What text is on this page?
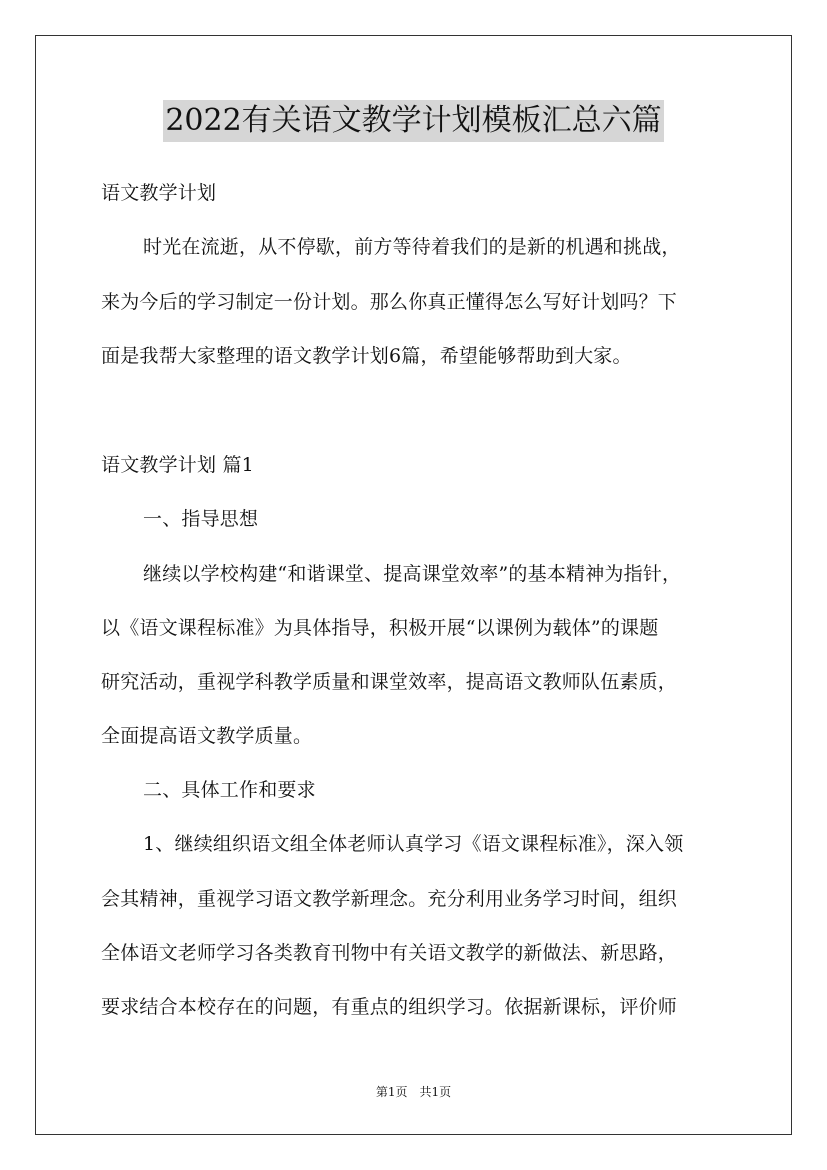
2022有关语文教学计划模板汇总六篇
语文教学计划
时光在流逝，从不停歇，前方等待着我们的是新的机遇和挑战，
来为今后的学习制定一份计划。那么你真正懂得怎么写好计划吗？下
面是我帮大家整理的语文教学计划6篇，希望能够帮助到大家。
语文教学计划 篇1
一、指导思想
继续以学校构建“和谐课堂、提高课堂效率”的基本精神为指针，
以《语文课程标准》为具体指导，积极开展“以课例为载体”的课题
研究活动，重视学科教学质量和课堂效率，提高语文教师队伍素质，
全面提高语文教学质量。
二、具体工作和要求
1、继续组织语文组全体老师认真学习《语文课程标准》，深入领
会其精神，重视学习语文教学新理念。充分利用业务学习时间，组织
全体语文老师学习各类教育刊物中有关语文教学的新做法、新思路，
要求结合本校存在的问题，有重点的组织学习。依据新课标，评价师
第1页　共1页
